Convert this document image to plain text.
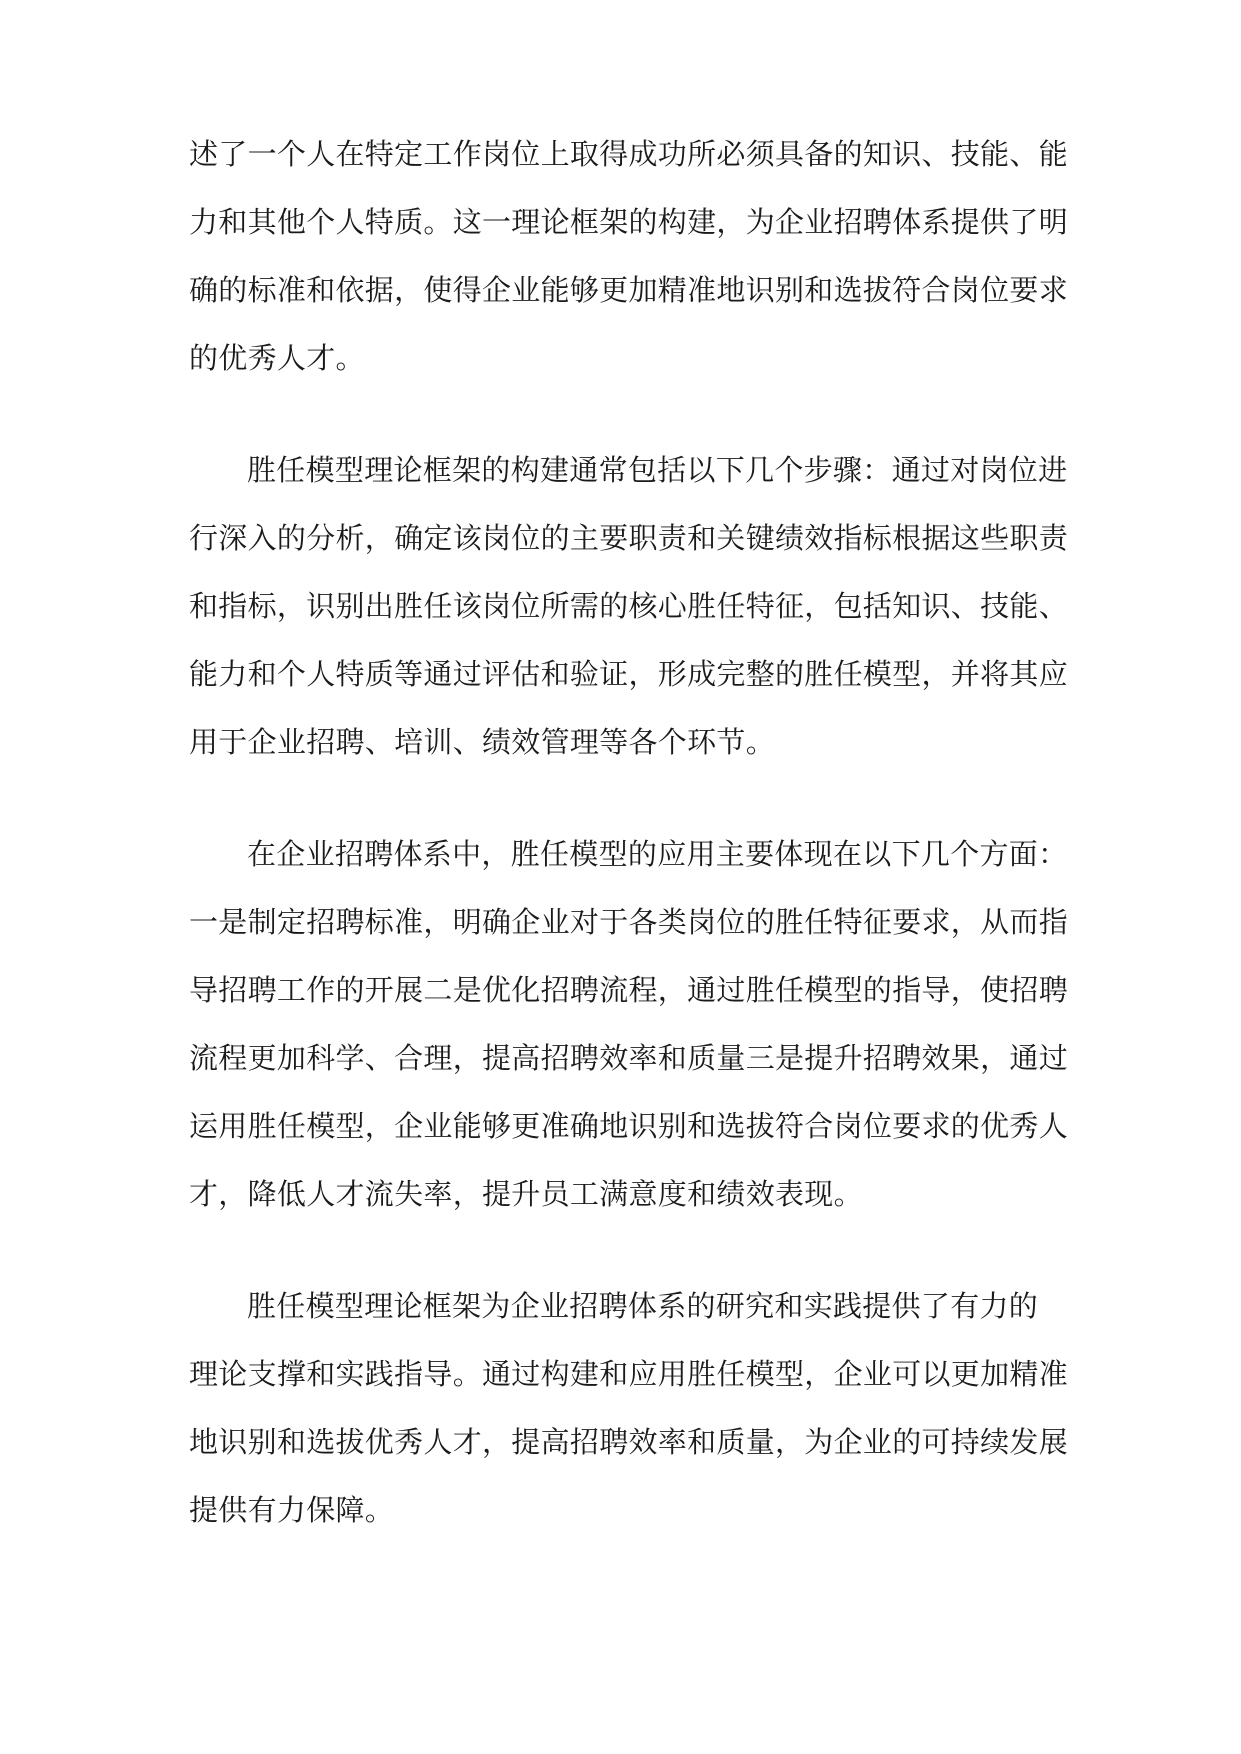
述了一个人在特定工作岗位上取得成功所必须具备的知识、技能、能
力和其他个人特质。这一理论框架的构建，为企业招聘体系提供了明
确的标准和依据，使得企业能够更加精准地识别和选拔符合岗位要求
的优秀人才。
胜任模型理论框架的构建通常包括以下几个步骤：通过对岗位进
行深入的分析，确定该岗位的主要职责和关键绩效指标根据这些职责
和指标，识别出胜任该岗位所需的核心胜任特征，包括知识、技能、
能力和个人特质等通过评估和验证，形成完整的胜任模型，并将其应
用于企业招聘、培训、绩效管理等各个环节。
在企业招聘体系中，胜任模型的应用主要体现在以下几个方面：
一是制定招聘标准，明确企业对于各类岗位的胜任特征要求，从而指
导招聘工作的开展二是优化招聘流程，通过胜任模型的指导，使招聘
流程更加科学、合理，提高招聘效率和质量三是提升招聘效果，通过
运用胜任模型，企业能够更准确地识别和选拔符合岗位要求的优秀人
才，降低人才流失率，提升员工满意度和绩效表现。
胜任模型理论框架为企业招聘体系的研究和实践提供了有力的
理论支撑和实践指导。通过构建和应用胜任模型，企业可以更加精准
地识别和选拔优秀人才，提高招聘效率和质量，为企业的可持续发展
提供有力保障。
